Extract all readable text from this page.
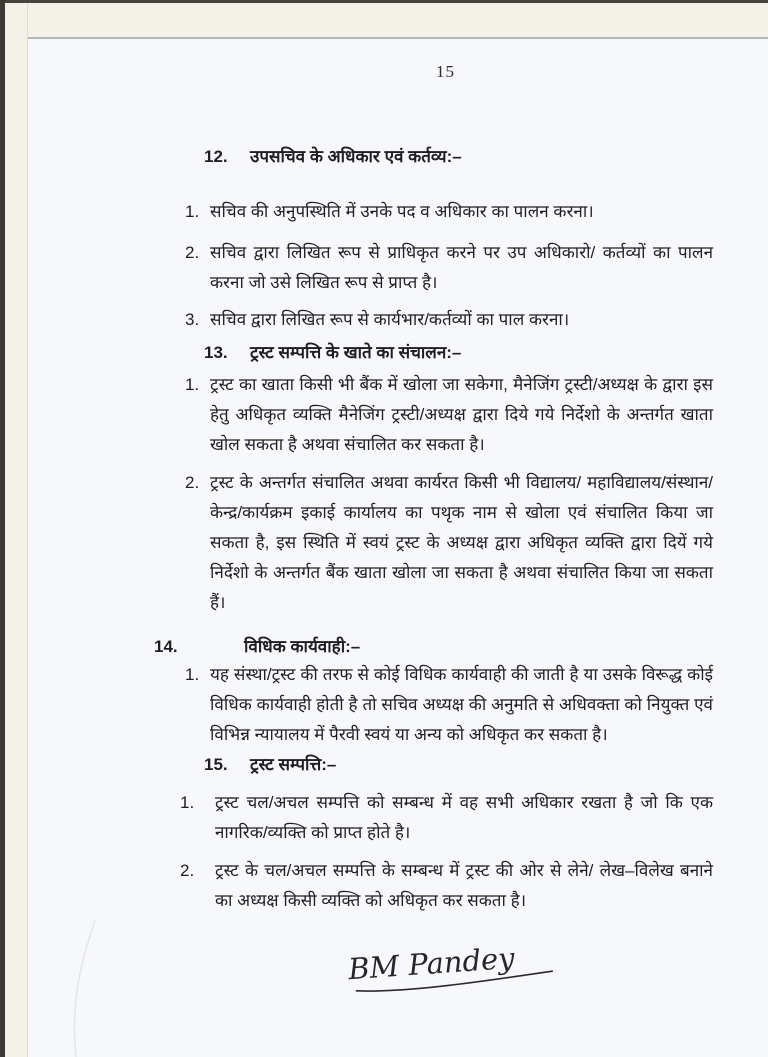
15
12.	उपसचिव के अधिकार एवं कर्तव्य:–
1. सचिव की अनुपस्थिति में उनके पद व अधिकार का पालन करना।
2. सचिव द्वारा लिखित रूप से प्राधिकृत करने पर उप अधिकारो/ कर्तव्यों का पालन करना जो उसे लिखित रूप से प्राप्त है।
3. सचिव द्वारा लिखित रूप से कार्यभार/कर्तव्यों का पाल करना।
13.	ट्रस्ट सम्पत्ति के खाते का संचालन:–
1. ट्रस्ट का खाता किसी भी बैंक में खोला जा सकेगा, मैनेजिंग ट्रस्टी/अध्यक्ष के द्वारा इस हेतु अधिकृत व्यक्ति मैनेजिंग ट्रस्टी/अध्यक्ष द्वारा दिये गये निर्देशो के अन्तर्गत खाता खोल सकता है अथवा संचालित कर सकता है।
2. ट्रस्ट के अन्तर्गत संचालित अथवा कार्यरत किसी भी विद्यालय/ महाविद्यालय/संस्थान/केन्द्र/कार्यक्रम इकाई कार्यालय का पथृक नाम से खोला एवं संचालित किया जा सकता है, इस स्थिति में स्वयं ट्रस्ट के अध्यक्ष द्वारा अधिकृत व्यक्ति द्वारा दियें गये निर्देशो के अन्तर्गत बैंक खाता खोला जा सकता है अथवा संचालित किया जा सकता हैं।
14.	विधिक कार्यवाही:–
1. यह संस्था/ट्रस्ट की तरफ से कोई विधिक कार्यवाही की जाती है या उसके विरूद्ध कोई विधिक कार्यवाही होती है तो सचिव अध्यक्ष की अनुमति से अधिवक्ता को नियुक्त एवं विभिन्न न्यायालय में पैरवी स्वयं या अन्य को अधिकृत कर सकता है।
15.	ट्रस्ट सम्पत्ति:–
1.	ट्रस्ट चल/अचल सम्पत्ति को सम्बन्ध में वह सभी अधिकार रखता है जो कि एक नागरिक/व्यक्ति को प्राप्त होते है।
2.	ट्रस्ट के चल/अचल सम्पत्ति के सम्बन्ध में ट्रस्ट की ओर से लेने/ लेख–विलेख बनाने का अध्यक्ष किसी व्यक्ति को अधिकृत कर सकता है।
BM Pandey
